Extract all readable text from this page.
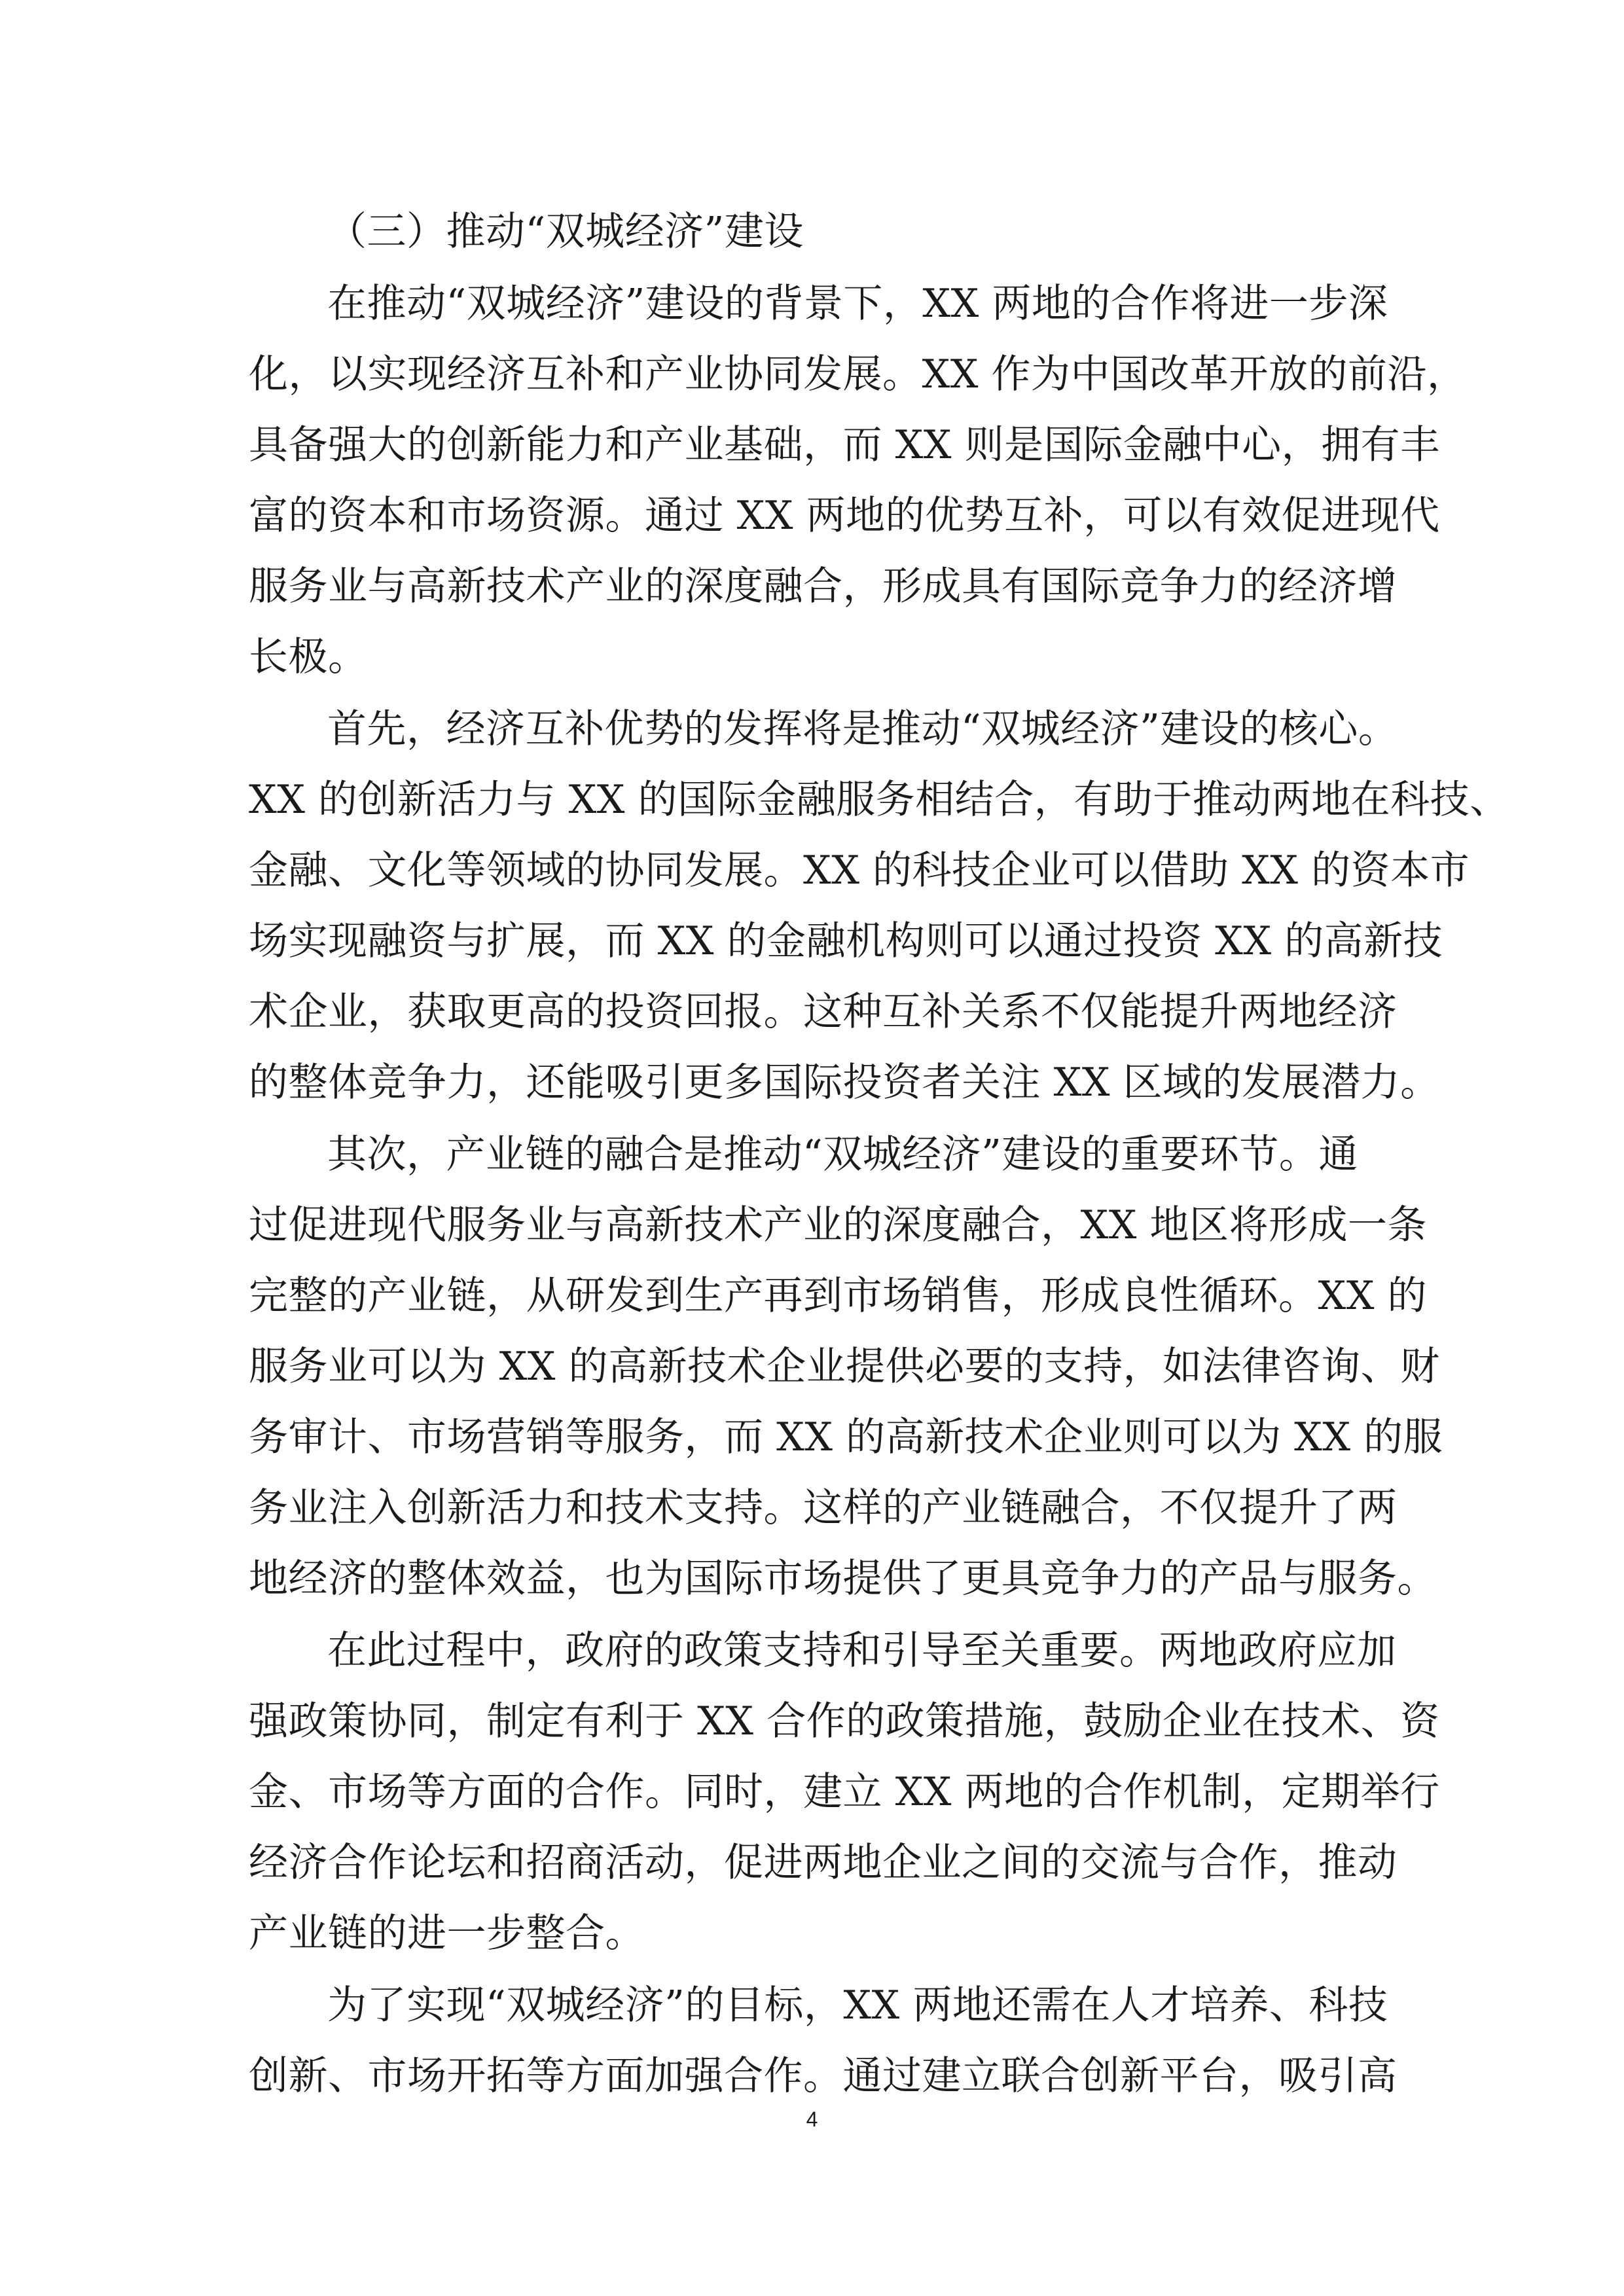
（三）推动“双城经济”建设
在推动“双城经济”建设的背景下，XX 两地的合作将进一步深
化，以实现经济互补和产业协同发展。XX 作为中国改革开放的前沿，
具备强大的创新能力和产业基础，而 XX 则是国际金融中心，拥有丰
富的资本和市场资源。通过 XX 两地的优势互补，可以有效促进现代
服务业与高新技术产业的深度融合，形成具有国际竞争力的经济增
长极。
首先，经济互补优势的发挥将是推动“双城经济”建设的核心。
XX 的创新活力与 XX 的国际金融服务相结合，有助于推动两地在科技、
金融、文化等领域的协同发展。XX 的科技企业可以借助 XX 的资本市
场实现融资与扩展，而 XX 的金融机构则可以通过投资 XX 的高新技
术企业，获取更高的投资回报。这种互补关系不仅能提升两地经济
的整体竞争力，还能吸引更多国际投资者关注 XX 区域的发展潜力。
其次，产业链的融合是推动“双城经济”建设的重要环节。通
过促进现代服务业与高新技术产业的深度融合，XX 地区将形成一条
完整的产业链，从研发到生产再到市场销售，形成良性循环。XX 的
服务业可以为 XX 的高新技术企业提供必要的支持，如法律咨询、财
务审计、市场营销等服务，而 XX 的高新技术企业则可以为 XX 的服
务业注入创新活力和技术支持。这样的产业链融合，不仅提升了两
地经济的整体效益，也为国际市场提供了更具竞争力的产品与服务。
在此过程中，政府的政策支持和引导至关重要。两地政府应加
强政策协同，制定有利于 XX 合作的政策措施，鼓励企业在技术、资
金、市场等方面的合作。同时，建立 XX 两地的合作机制，定期举行
经济合作论坛和招商活动，促进两地企业之间的交流与合作，推动
产业链的进一步整合。
为了实现“双城经济”的目标，XX 两地还需在人才培养、科技
创新、市场开拓等方面加强合作。通过建立联合创新平台，吸引高
4
